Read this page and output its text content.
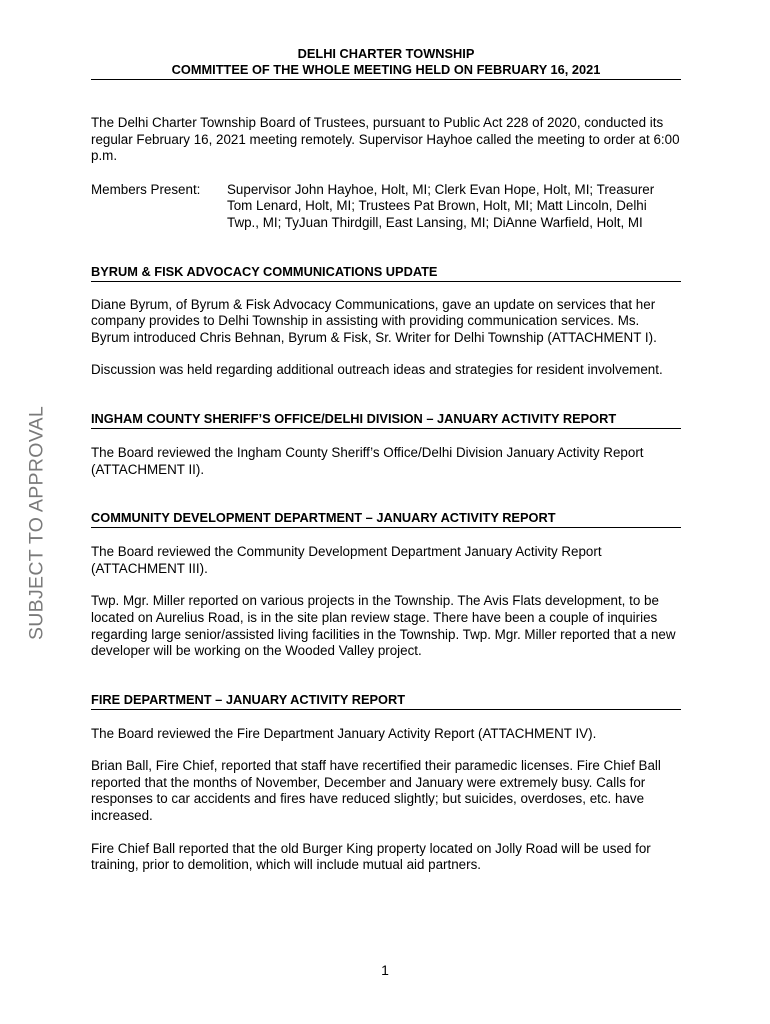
SUBJECT TO APPROVAL
DELHI CHARTER TOWNSHIP
COMMITTEE OF THE WHOLE MEETING HELD ON FEBRUARY 16, 2021

The Delhi Charter Township Board of Trustees, pursuant to Public Act 228 of 2020, conducted its regular February 16, 2021 meeting remotely. Supervisor Hayhoe called the meeting to order at 6:00 p.m.

Members Present:	Supervisor John Hayhoe, Holt, MI; Clerk Evan Hope, Holt, MI; Treasurer Tom Lenard, Holt, MI; Trustees Pat Brown, Holt, MI; Matt Lincoln, Delhi Twp., MI; TyJuan Thirdgill, East Lansing, MI; DiAnne Warfield, Holt, MI
BYRUM & FISK ADVOCACY COMMUNICATIONS UPDATE

Diane Byrum, of Byrum & Fisk Advocacy Communications, gave an update on services that her company provides to Delhi Township in assisting with providing communication services. Ms. Byrum introduced Chris Behnan, Byrum & Fisk, Sr. Writer for Delhi Township (ATTACHMENT I).

Discussion was held regarding additional outreach ideas and strategies for resident involvement.

INGHAM COUNTY SHERIFF’S OFFICE/DELHI DIVISION – JANUARY ACTIVITY REPORT

The Board reviewed the Ingham County Sheriff’s Office/Delhi Division January Activity Report (ATTACHMENT II).

COMMUNITY DEVELOPMENT DEPARTMENT – JANUARY ACTIVITY REPORT

The Board reviewed the Community Development Department January Activity Report (ATTACHMENT III).

Twp. Mgr. Miller reported on various projects in the Township. The Avis Flats development, to be located on Aurelius Road, is in the site plan review stage. There have been a couple of inquiries regarding large senior/assisted living facilities in the Township. Twp. Mgr. Miller reported that a new developer will be working on the Wooded Valley project.

FIRE DEPARTMENT – JANUARY ACTIVITY REPORT

The Board reviewed the Fire Department January Activity Report (ATTACHMENT IV).

Brian Ball, Fire Chief, reported that staff have recertified their paramedic licenses. Fire Chief Ball reported that the months of November, December and January were extremely busy. Calls for responses to car accidents and fires have reduced slightly; but suicides, overdoses, etc. have increased.

Fire Chief Ball reported that the old Burger King property located on Jolly Road will be used for training, prior to demolition, which will include mutual aid partners.

1
